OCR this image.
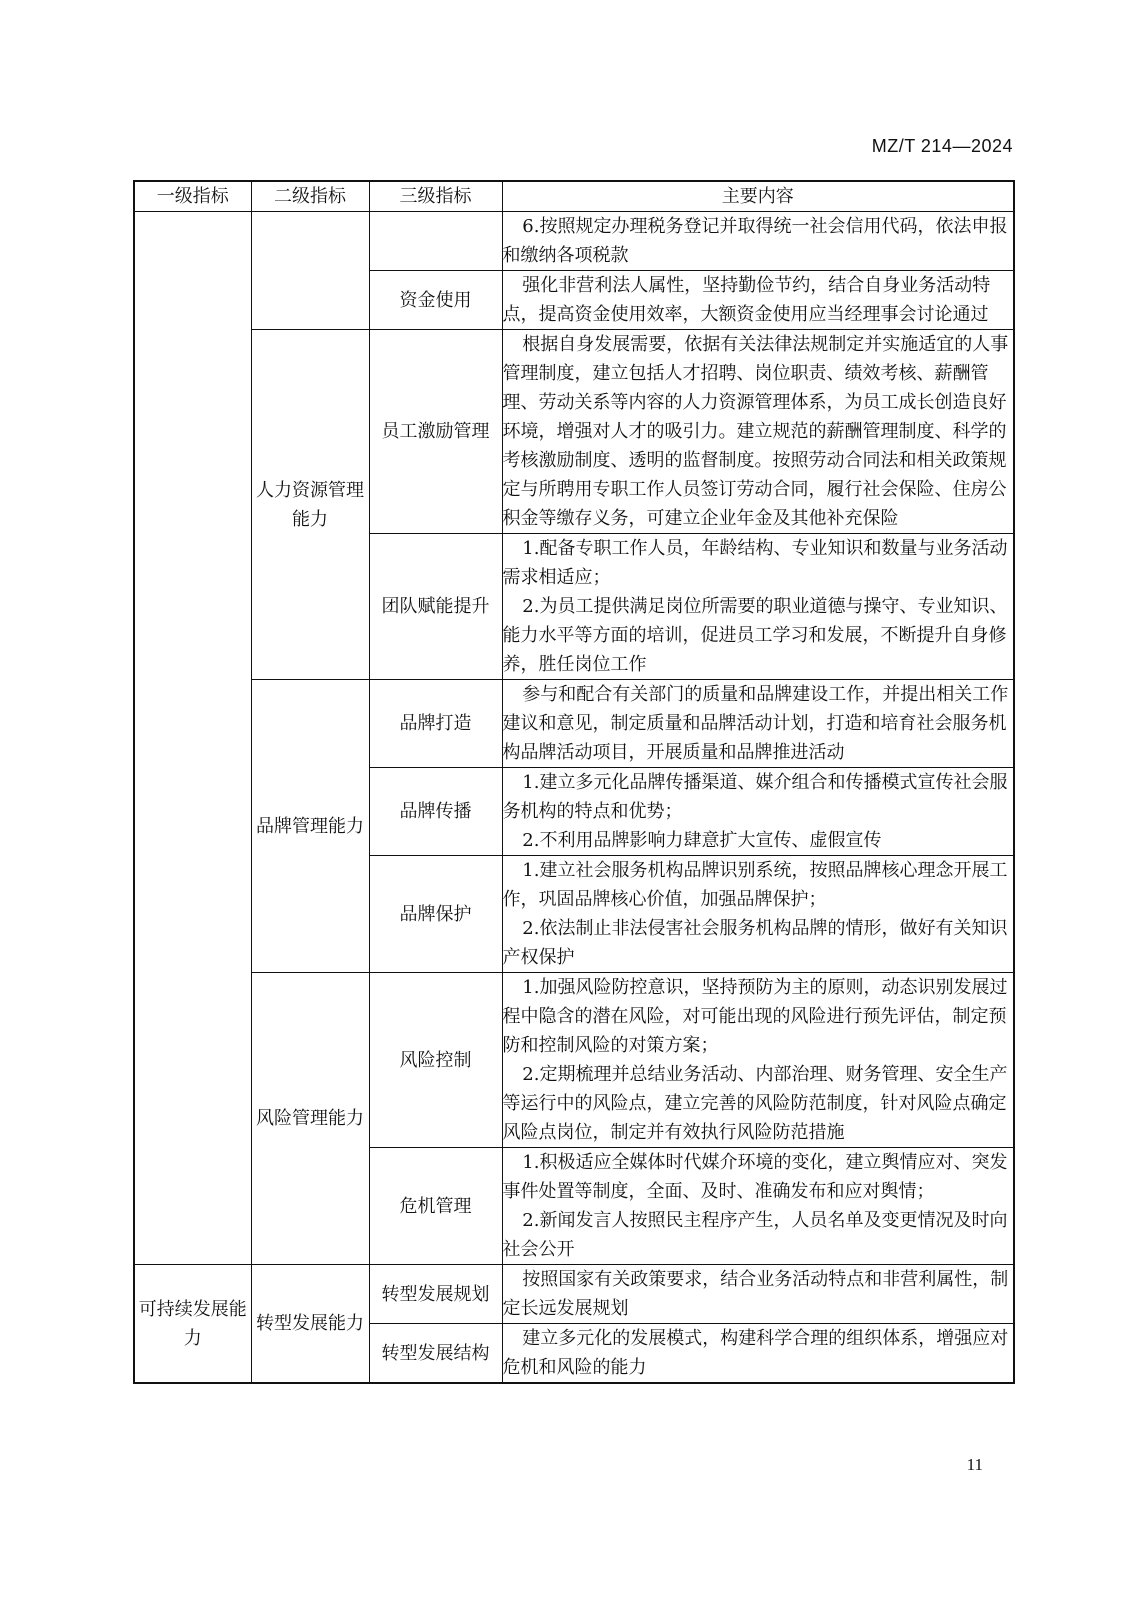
MZ/T 214—2024
一级指标	二级指标	三级指标	主要内容

			6.按照规定办理税务登记并取得统一社会信用代码，依法申报和缴纳各项税款

		资金使用	强化非营利法人属性，坚持勤俭节约，结合自身业务活动特点，提高资金使用效率，大额资金使用应当经理事会讨论通过

	人力资源管理能力	员工激励管理	根据自身发展需要，依据有关法律法规制定并实施适宜的人事管理制度，建立包括人才招聘、岗位职责、绩效考核、薪酬管理、劳动关系等内容的人力资源管理体系，为员工成长创造良好环境，增强对人才的吸引力。建立规范的薪酬管理制度、科学的考核激励制度、透明的监督制度。按照劳动合同法和相关政策规定与所聘用专职工作人员签订劳动合同，履行社会保险、住房公积金等缴存义务，可建立企业年金及其他补充保险

		团队赋能提升	1.配备专职工作人员，年龄结构、专业知识和数量与业务活动需求相适应；

2.为员工提供满足岗位所需要的职业道德与操守、专业知识、能力水平等方面的培训，促进员工学习和发展，不断提升自身修养，胜任岗位工作

	品牌管理能力	品牌打造	参与和配合有关部门的质量和品牌建设工作，并提出相关工作建议和意见，制定质量和品牌活动计划，打造和培育社会服务机构品牌活动项目，开展质量和品牌推进活动

		品牌传播	1.建立多元化品牌传播渠道、媒介组合和传播模式宣传社会服务机构的特点和优势；

2.不利用品牌影响力肆意扩大宣传、虚假宣传

		品牌保护	1.建立社会服务机构品牌识别系统，按照品牌核心理念开展工作，巩固品牌核心价值，加强品牌保护；

2.依法制止非法侵害社会服务机构品牌的情形，做好有关知识产权保护

	风险管理能力	风险控制	1.加强风险防控意识，坚持预防为主的原则，动态识别发展过程中隐含的潜在风险，对可能出现的风险进行预先评估，制定预防和控制风险的对策方案；

2.定期梳理并总结业务活动、内部治理、财务管理、安全生产等运行中的风险点，建立完善的风险防范制度，针对风险点确定风险点岗位，制定并有效执行风险防范措施

		危机管理	1.积极适应全媒体时代媒介环境的变化，建立舆情应对、突发事件处置等制度，全面、及时、准确发布和应对舆情；

2.新闻发言人按照民主程序产生，人员名单及变更情况及时向社会公开

可持续发展能力	转型发展能力	转型发展规划	按照国家有关政策要求，结合业务活动特点和非营利属性，制定长远发展规划

		转型发展结构	建立多元化的发展模式，构建科学合理的组织体系，增强应对危机和风险的能力

11
